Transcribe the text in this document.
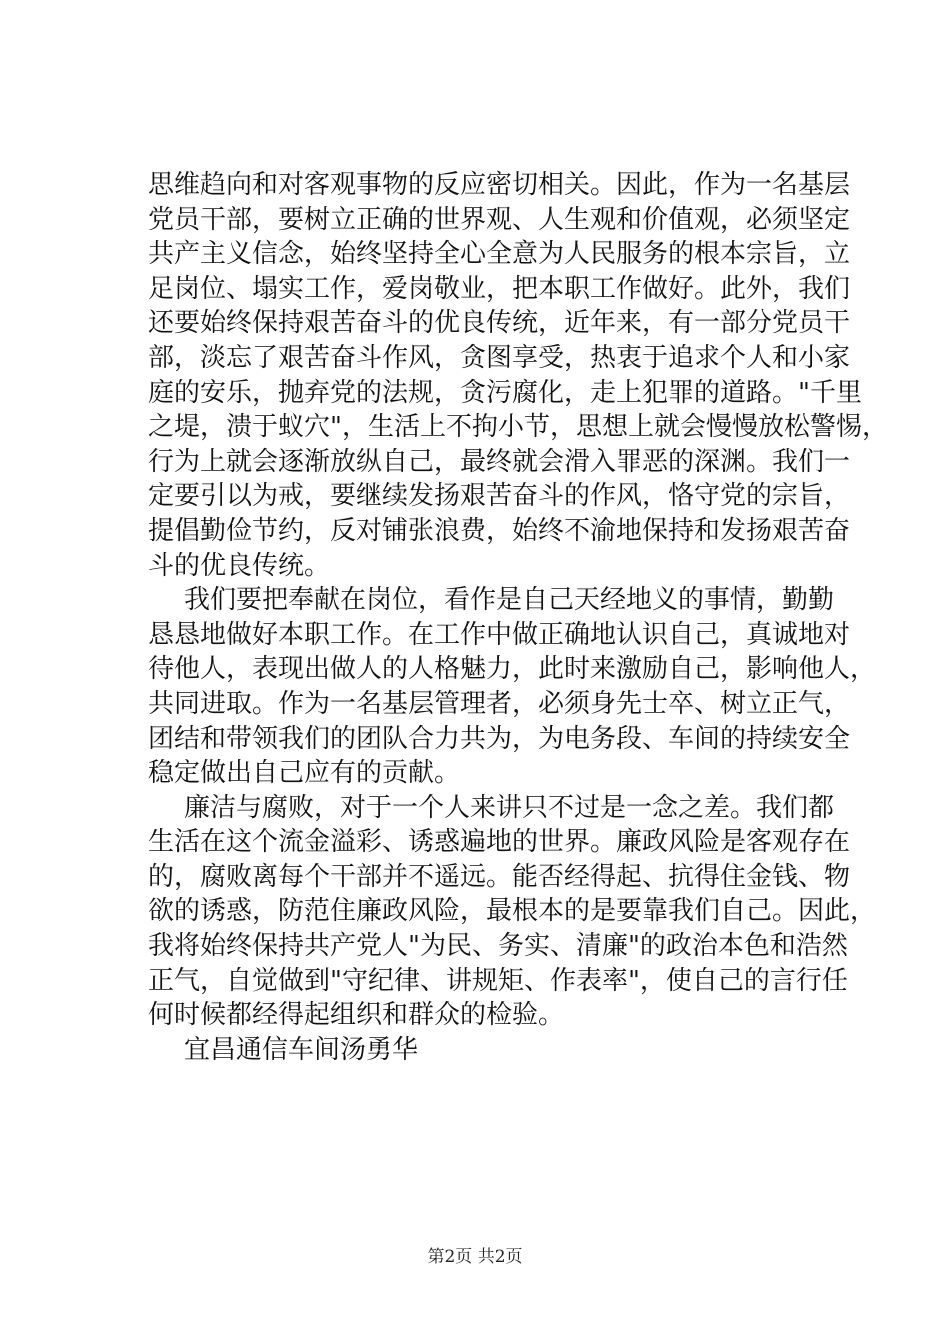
思维趋向和对客观事物的反应密切相关。因此，作为一名基层
党员干部，要树立正确的世界观、人生观和价值观，必须坚定
共产主义信念，始终坚持全心全意为人民服务的根本宗旨，立
足岗位、塌实工作，爱岗敬业，把本职工作做好。此外，我们
还要始终保持艰苦奋斗的优良传统，近年来，有一部分党员干
部，淡忘了艰苦奋斗作风，贪图享受，热衷于追求个人和小家
庭的安乐，抛弃党的法规，贪污腐化，走上犯罪的道路。"千里
之堤，溃于蚁穴"，生活上不拘小节，思想上就会慢慢放松警惕，
行为上就会逐渐放纵自己，最终就会滑入罪恶的深渊。我们一
定要引以为戒，要继续发扬艰苦奋斗的作风，恪守党的宗旨，
提倡勤俭节约，反对铺张浪费，始终不渝地保持和发扬艰苦奋
斗的优良传统。
我们要把奉献在岗位，看作是自己天经地义的事情，勤勤
恳恳地做好本职工作。在工作中做正确地认识自己，真诚地对
待他人，表现出做人的人格魅力，此时来激励自己，影响他人，
共同进取。作为一名基层管理者，必须身先士卒、树立正气，
团结和带领我们的团队合力共为，为电务段、车间的持续安全
稳定做出自己应有的贡献。
廉洁与腐败，对于一个人来讲只不过是一念之差。我们都
生活在这个流金溢彩、诱惑遍地的世界。廉政风险是客观存在
的，腐败离每个干部并不遥远。能否经得起、抗得住金钱、物
欲的诱惑，防范住廉政风险，最根本的是要靠我们自己。因此，
我将始终保持共产党人"为民、务实、清廉"的政治本色和浩然
正气，自觉做到"守纪律、讲规矩、作表率"，使自己的言行任
何时候都经得起组织和群众的检验。
宜昌通信车间汤勇华
第2页 共2页
